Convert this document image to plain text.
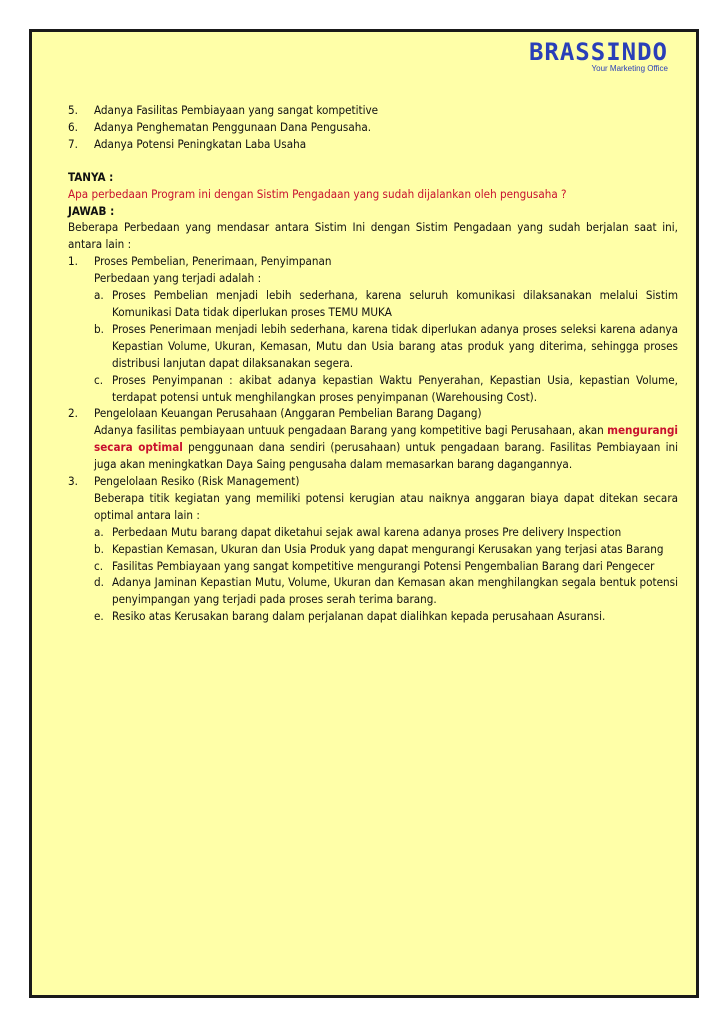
BRASSINDO
Your Marketing Office
5.	Adanya Fasilitas Pembiayaan yang sangat kompetitive
6.	Adanya Penghematan Penggunaan Dana Pengusaha.
7.	Adanya Potensi Peningkatan Laba Usaha
TANYA :
Apa perbedaan Program ini dengan Sistim Pengadaan yang sudah dijalankan oleh pengusaha ?
JAWAB :
Beberapa Perbedaan yang mendasar antara Sistim Ini dengan Sistim Pengadaan yang sudah berjalan saat ini, antara lain :
1.	Proses Pembelian, Penerimaan, Penyimpanan
Perbedaan yang terjadi adalah :
a. Proses Pembelian menjadi lebih sederhana, karena seluruh komunikasi dilaksanakan melalui Sistim Komunikasi Data tidak diperlukan proses TEMU MUKA
b. Proses Penerimaan menjadi lebih sederhana, karena tidak diperlukan adanya proses seleksi karena adanya Kepastian Volume, Ukuran, Kemasan, Mutu dan Usia barang atas produk yang diterima, sehingga proses distribusi lanjutan dapat dilaksanakan segera.
c. Proses Penyimpanan : akibat adanya kepastian Waktu Penyerahan, Kepastian Usia, kepastian Volume, terdapat potensi untuk menghilangkan proses penyimpanan (Warehousing Cost).
2.	Pengelolaan Keuangan Perusahaan (Anggaran Pembelian Barang Dagang)
Adanya fasilitas pembiayaan untuuk pengadaan Barang yang kompetitive bagi Perusahaan, akan mengurangi secara optimal penggunaan dana sendiri (perusahaan) untuk pengadaan barang. Fasilitas Pembiayaan ini juga akan meningkatkan Daya Saing pengusaha dalam memasarkan barang dagangannya.
3.	Pengelolaan Resiko (Risk Management)
Beberapa titik kegiatan yang memiliki potensi kerugian atau naiknya anggaran biaya dapat ditekan secara optimal antara lain :
a. Perbedaan Mutu barang dapat diketahui sejak awal karena adanya proses Pre delivery Inspection
b. Kepastian Kemasan, Ukuran dan Usia Produk yang dapat mengurangi Kerusakan yang terjasi atas Barang
c. Fasilitas Pembiayaan yang sangat kompetitive mengurangi Potensi Pengembalian Barang dari Pengecer
d. Adanya Jaminan Kepastian Mutu, Volume, Ukuran dan Kemasan akan menghilangkan segala bentuk potensi penyimpangan yang terjadi pada proses serah terima barang.
e. Resiko atas Kerusakan barang dalam perjalanan dapat dialihkan kepada perusahaan Asuransi.
